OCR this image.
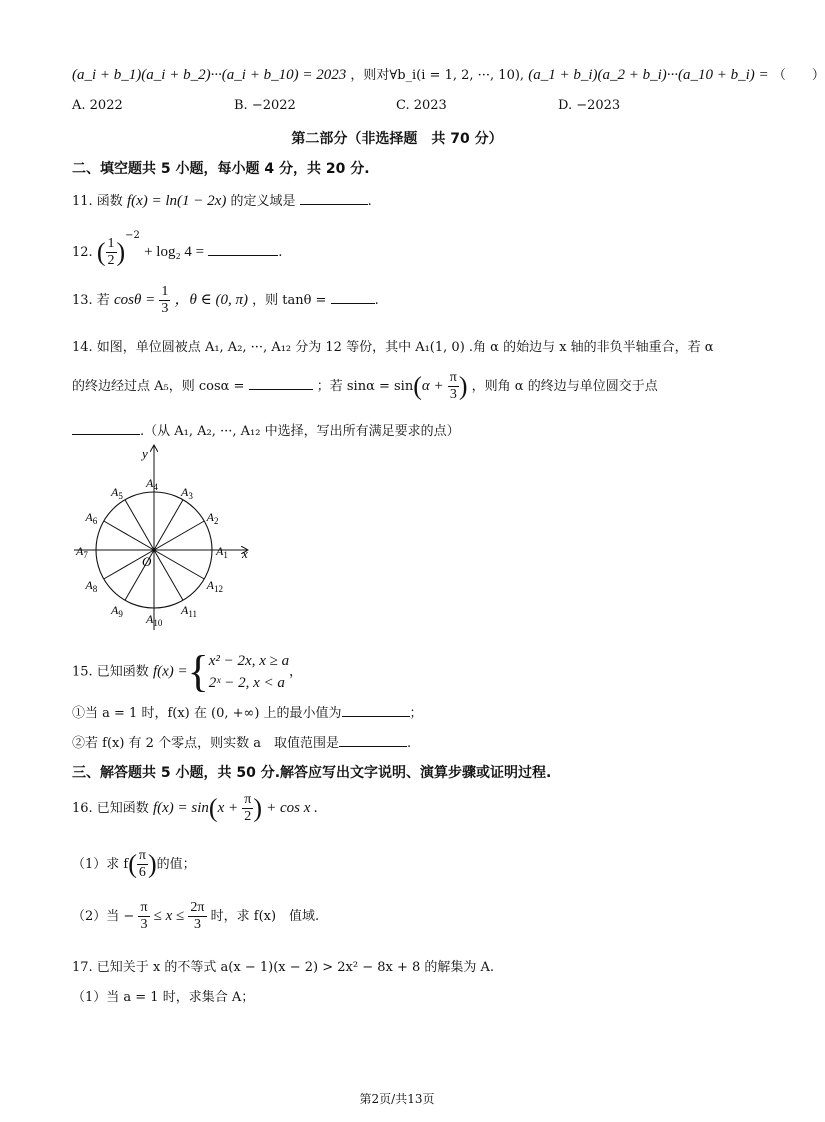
(a_i + b_1)(a_i + b_2)···(a_i + b_10) = 2023 ，则对∀b_i(i = 1, 2, ···, 10), (a_1 + b_i)(a_2 + b_i)···(a_10 + b_i) = （　　）
A. 2022	B. −2022	C. 2023	D. −2023
第二部分（非选择题　共 70 分）
二、填空题共 5 小题，每小题 4 分，共 20 分.
11. 函数 f(x) = ln(1 − 2x) 的定义域是	.
12. ( $\frac{1}{2} )^{-2} + \log_2$ 4 =	.
13. 若 $\cos\theta = \frac{1}{3}$ ，θ ∈ (0, π) ，则 tanθ =	.
14. 如图，单位圆被点 A₁, A₂, ···, A₁₂ 分为 12 等份，其中 A₁(1, 0) .角 α 的始边与 x 轴的非负半轴重合，若 α
的终边经过点 A₅，则 cosα =	；若 $\sin\alpha = \sin(\alpha + \frac{\pi}{3}$ ) ，则角 α 的终边与单位圆交于点
.（从 A₁, A₂, ···, A₁₂ 中选择，写出所有满足要求的点）
x
y
O
$A_1$
$A_2$
$A_3$
$A_4$
$A_5$
$A_6$
$A_7$
$A_8$
$A_9$ $A_{10}$
$A_{11}$
$A_{12}$
15. 已知函数 f(x) ={ x² − 2x, x ≥ a
2ˣ − 2, x < a
，
①当 a = 1 时，f(x) 在 (0, +∞) 上的最小值为	；
②若 f(x) 有 2 个零点，则实数 a　取值范围是	.
三、解答题共 5 小题，共 50 分.解答应写出文字说明、演算步骤或证明过程.
16. 已知函数 $f(x) = \sin(x + \frac{\pi}{2}$ ) + cos x .
（1）求 $f( \frac{\pi}{6}$ )的值；
（2）当 − $\frac{\pi}{3} \le x \le \frac{2\pi}{3}$ 时，求 f(x)　值域.
17. 已知关于 x 的不等式 a(x − 1)(x − 2) > 2x² − 8x + 8 的解集为 A.
（1）当 a = 1 时，求集合 A；
第2页/共13页
